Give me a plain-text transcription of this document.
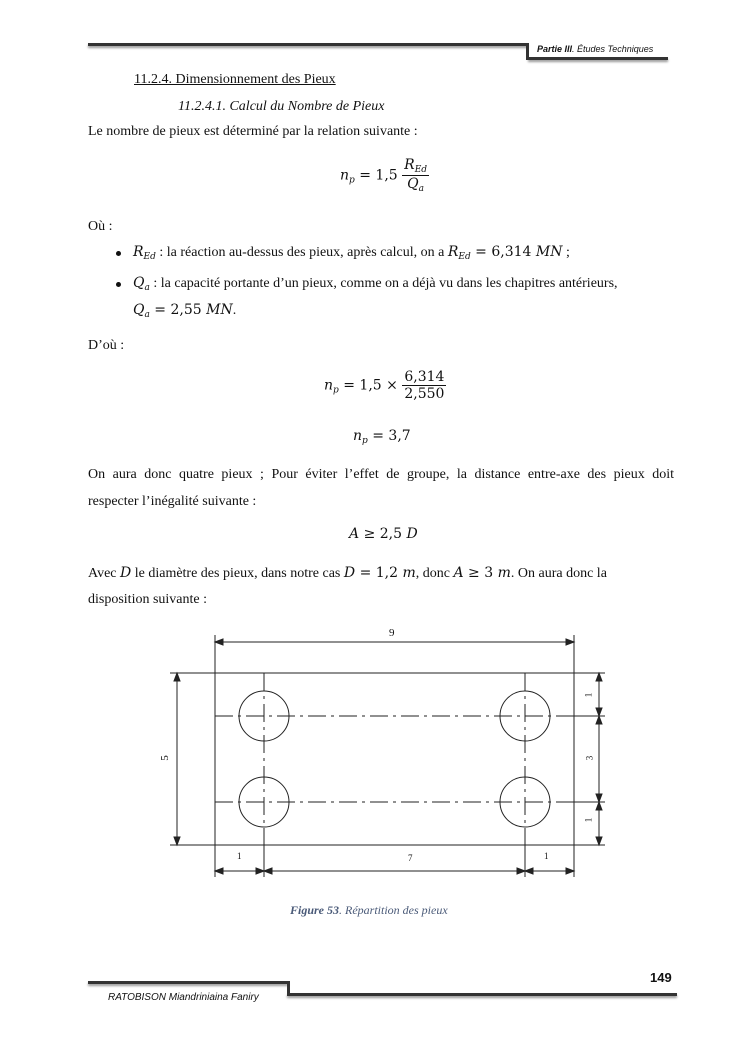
Partie III. Études Techniques
11.2.4. Dimensionnement des Pieux
11.2.4.1. Calcul du Nombre de Pieux
Le nombre de pieux est déterminé par la relation suivante :
$n_p = 1,5 \frac{R_{Ed}}{Q_a}$
Où :
$R_{Ed}$ : la réaction au-dessus des pieux, après calcul, on a $R_{Ed} = 6,314$ MN ;
$Q_a$ : la capacité portante d’un pieux, comme on a déjà vu dans les chapitres antérieurs,
$Q_a = 2,55$ MN.
D’où :
$n_p = 1,5 \times \frac{6,314}{2,550}$
$n_p = 3,7$
On aura donc quatre pieux ; Pour éviter l’effet de groupe, la distance entre-axe des pieux doit
respecter l’inégalité suivante :
A ≥ 2,5 D
Avec D le diamètre des pieux, dans notre cas D = 1,2 m, donc A ≥ 3 m. On aura donc la
disposition suivante :
9
5
1
3
1
1	7	1
Figure 53. Répartition des pieux
149
RATOBISON Miandriniaina Faniry
